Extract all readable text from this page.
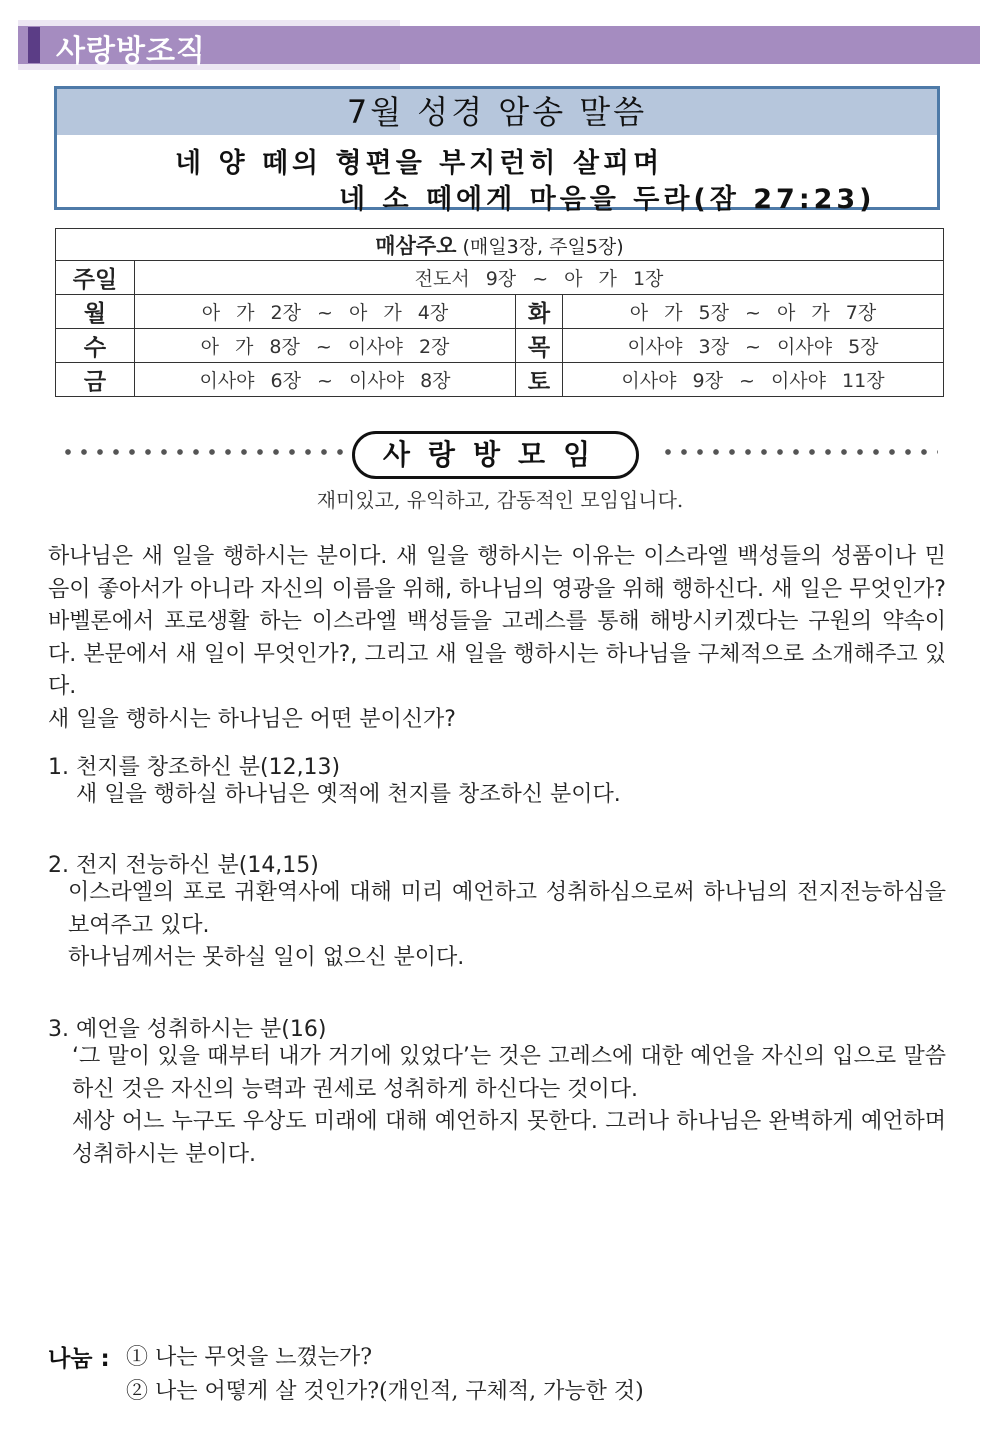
사랑방조직
7월 성경 암송 말씀
네 양 떼의 형편을 부지런히 살피며
네 소 떼에게 마음을 두라(잠 27:23)
매삼주오 (매일3장, 주일5장)			
주일	전도서 9장 ~ 아 가 1장		
월	아 가 2장 ~ 아 가 4장	화	아 가 5장 ~ 아 가 7장
수	아 가 8장 ~ 이사야 2장	목	이사야 3장 ~ 이사야 5장
금	이사야 6장 ~ 이사야 8장	토	이사야 9장 ~ 이사야 11장
사랑방모임
재미있고, 유익하고, 감동적인 모임입니다.
하나님은 새 일을 행하시는 분이다. 새 일을 행하시는 이유는 이스라엘 백성들의 성품이나 믿음이 좋아서가 아니라 자신의 이름을 위해, 하나님의 영광을 위해 행하신다. 새 일은 무엇인가? 바벨론에서 포로생활 하는 이스라엘 백성들을 고레스를 통해 해방시키겠다는 구원의 약속이다. 본문에서 새 일이 무엇인가?, 그리고 새 일을 행하시는 하나님을 구체적으로 소개해주고 있다.
새 일을 행하시는 하나님은 어떤 분이신가?
1. 천지를 창조하신 분(12,13)
새 일을 행하실 하나님은 옛적에 천지를 창조하신 분이다.
2. 전지 전능하신 분(14,15)
이스라엘의 포로 귀환역사에 대해 미리 예언하고 성취하심으로써 하나님의 전지전능하심을 보여주고 있다.
하나님께서는 못하실 일이 없으신 분이다.
3. 예언을 성취하시는 분(16)
‘그 말이 있을 때부터 내가 거기에 있었다’는 것은 고레스에 대한 예언을 자신의 입으로 말씀하신 것은 자신의 능력과 권세로 성취하게 하신다는 것이다.
세상 어느 누구도 우상도 미래에 대해 예언하지 못한다. 그러나 하나님은 완벽하게 예언하며 성취하시는 분이다.
나눔 : ① 나는 무엇을 느꼈는가?
② 나는 어떻게 살 것인가?(개인적, 구체적, 가능한 것)
